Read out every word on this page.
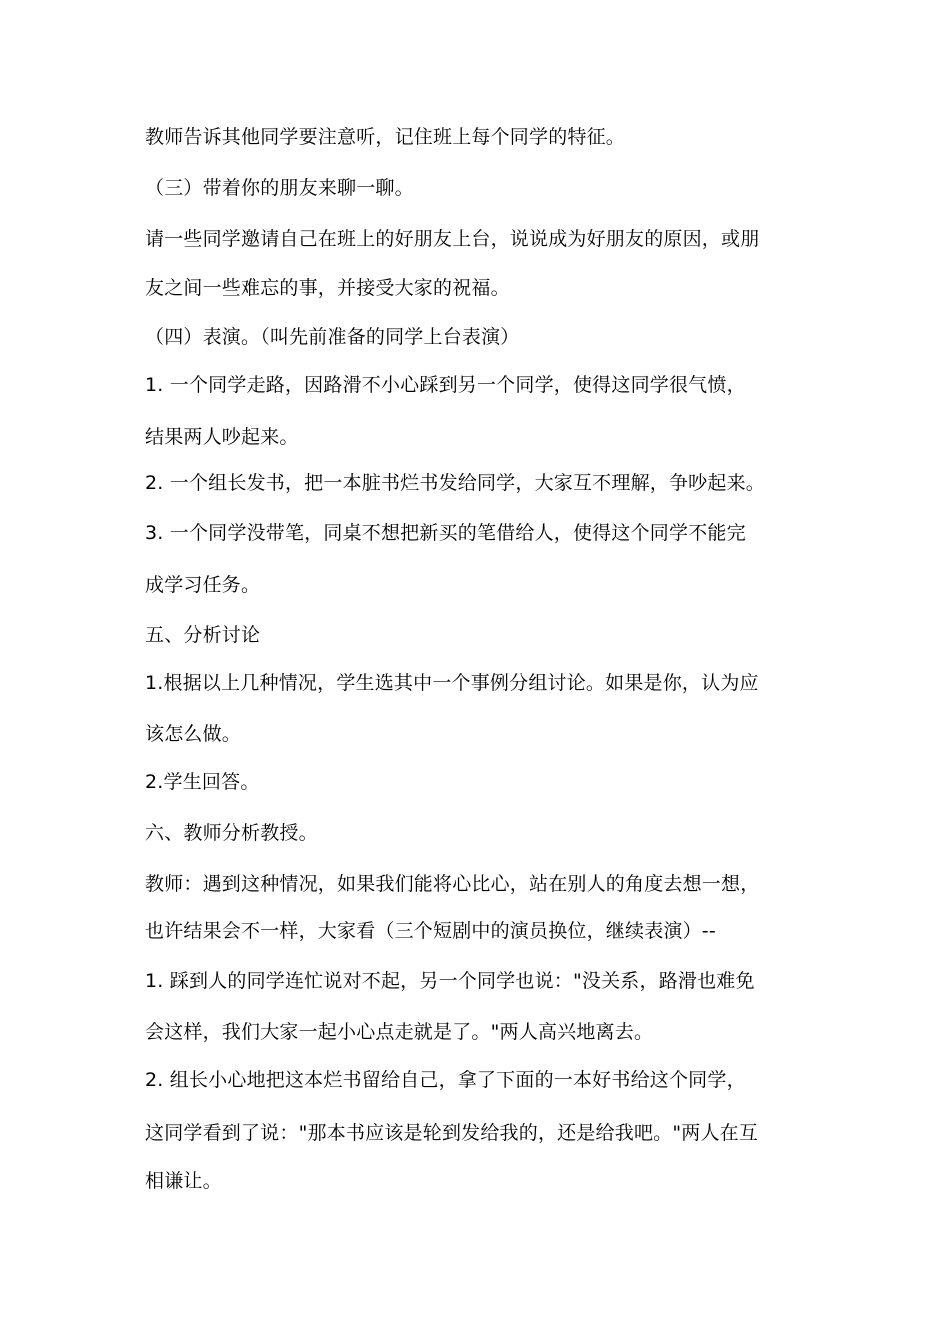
教师告诉其他同学要注意听，记住班上每个同学的特征。
（三）带着你的朋友来聊一聊。
请一些同学邀请自己在班上的好朋友上台，说说成为好朋友的原因，或朋
友之间一些难忘的事，并接受大家的祝福。
（四）表演。（叫先前准备的同学上台表演）
1. 一个同学走路，因路滑不小心踩到另一个同学，使得这同学很气愤，
结果两人吵起来。
2. 一个组长发书，把一本脏书烂书发给同学，大家互不理解，争吵起来。
3. 一个同学没带笔，同桌不想把新买的笔借给人，使得这个同学不能完
成学习任务。
五、分析讨论
1.根据以上几种情况，学生选其中一个事例分组讨论。如果是你，认为应
该怎么做。
2.学生回答。
六、教师分析教授。
教师：遇到这种情况，如果我们能将心比心，站在别人的角度去想一想，
也许结果会不一样，大家看（三个短剧中的演员换位，继续表演）--
1. 踩到人的同学连忙说对不起，另一个同学也说："没关系，路滑也难免
会这样，我们大家一起小心点走就是了。"两人高兴地离去。
2. 组长小心地把这本烂书留给自己，拿了下面的一本好书给这个同学，
这同学看到了说："那本书应该是轮到发给我的，还是给我吧。"两人在互
相谦让。
